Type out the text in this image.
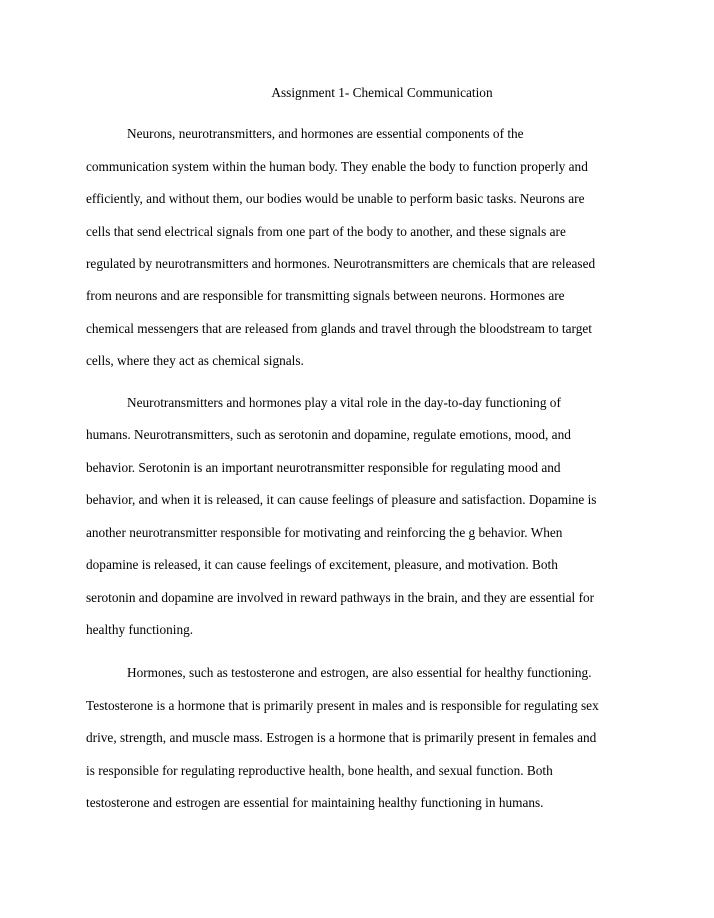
Assignment 1- Chemical Communication
Neurons, neurotransmitters, and hormones are essential components of the
communication system within the human body. They enable the body to function properly and
efficiently, and without them, our bodies would be unable to perform basic tasks. Neurons are
cells that send electrical signals from one part of the body to another, and these signals are
regulated by neurotransmitters and hormones. Neurotransmitters are chemicals that are released
from neurons and are responsible for transmitting signals between neurons. Hormones are
chemical messengers that are released from glands and travel through the bloodstream to target
cells, where they act as chemical signals.
Neurotransmitters and hormones play a vital role in the day-to-day functioning of
humans. Neurotransmitters, such as serotonin and dopamine, regulate emotions, mood, and
behavior. Serotonin is an important neurotransmitter responsible for regulating mood and
behavior, and when it is released, it can cause feelings of pleasure and satisfaction. Dopamine is
another neurotransmitter responsible for motivating and reinforcing the g behavior. When
dopamine is released, it can cause feelings of excitement, pleasure, and motivation. Both
serotonin and dopamine are involved in reward pathways in the brain, and they are essential for
healthy functioning.
Hormones, such as testosterone and estrogen, are also essential for healthy functioning.
Testosterone is a hormone that is primarily present in males and is responsible for regulating sex
drive, strength, and muscle mass. Estrogen is a hormone that is primarily present in females and
is responsible for regulating reproductive health, bone health, and sexual function. Both
testosterone and estrogen are essential for maintaining healthy functioning in humans.
